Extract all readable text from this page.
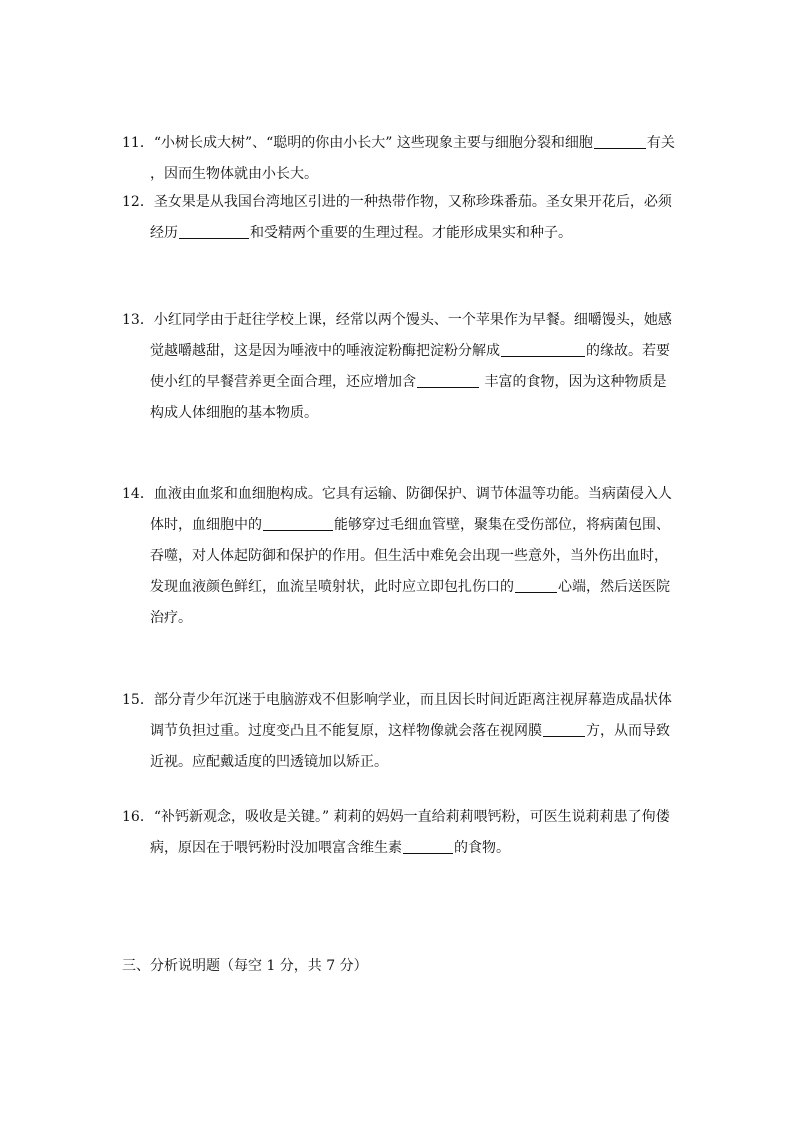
11．“小树长成大树”、“聪明的你由小长大” 这些现象主要与细胞分裂和细胞	有关
，因而生物体就由小长大。
12．圣女果是从我国台湾地区引进的一种热带作物，又称珍珠番茄。圣女果开花后，必须
经历	和受精两个重要的生理过程。才能形成果实和种子。
13．小红同学由于赶往学校上课，经常以两个馒头、一个苹果作为早餐。细嚼馒头，她感
觉越嚼越甜，这是因为唾液中的唾液淀粉酶把淀粉分解成	的缘故。若要
使小红的早餐营养更全面合理，还应增加含	丰富的食物，因为这种物质是
构成人体细胞的基本物质。
14．血液由血浆和血细胞构成。它具有运输、防御保护、调节体温等功能。当病菌侵入人
体时，血细胞中的	能够穿过毛细血管壁，聚集在受伤部位，将病菌包围、
吞噬，对人体起防御和保护的作用。但生活中难免会出现一些意外，当外伤出血时，
发现血液颜色鲜红，血流呈喷射状，此时应立即包扎伤口的	心端，然后送医院
治疗。
15．部分青少年沉迷于电脑游戏不但影响学业，而且因长时间近距离注视屏幕造成晶状体
调节负担过重。过度变凸且不能复原，这样物像就会落在视网膜	方，从而导致
近视。应配戴适度的凹透镜加以矫正。
16．“补钙新观念，吸收是关键。” 莉莉的妈妈一直给莉莉喂钙粉，可医生说莉莉患了佝偻
病，原因在于喂钙粉时没加喂富含维生素	的食物。
三、分析说明题（每空 1 分，共 7 分）
